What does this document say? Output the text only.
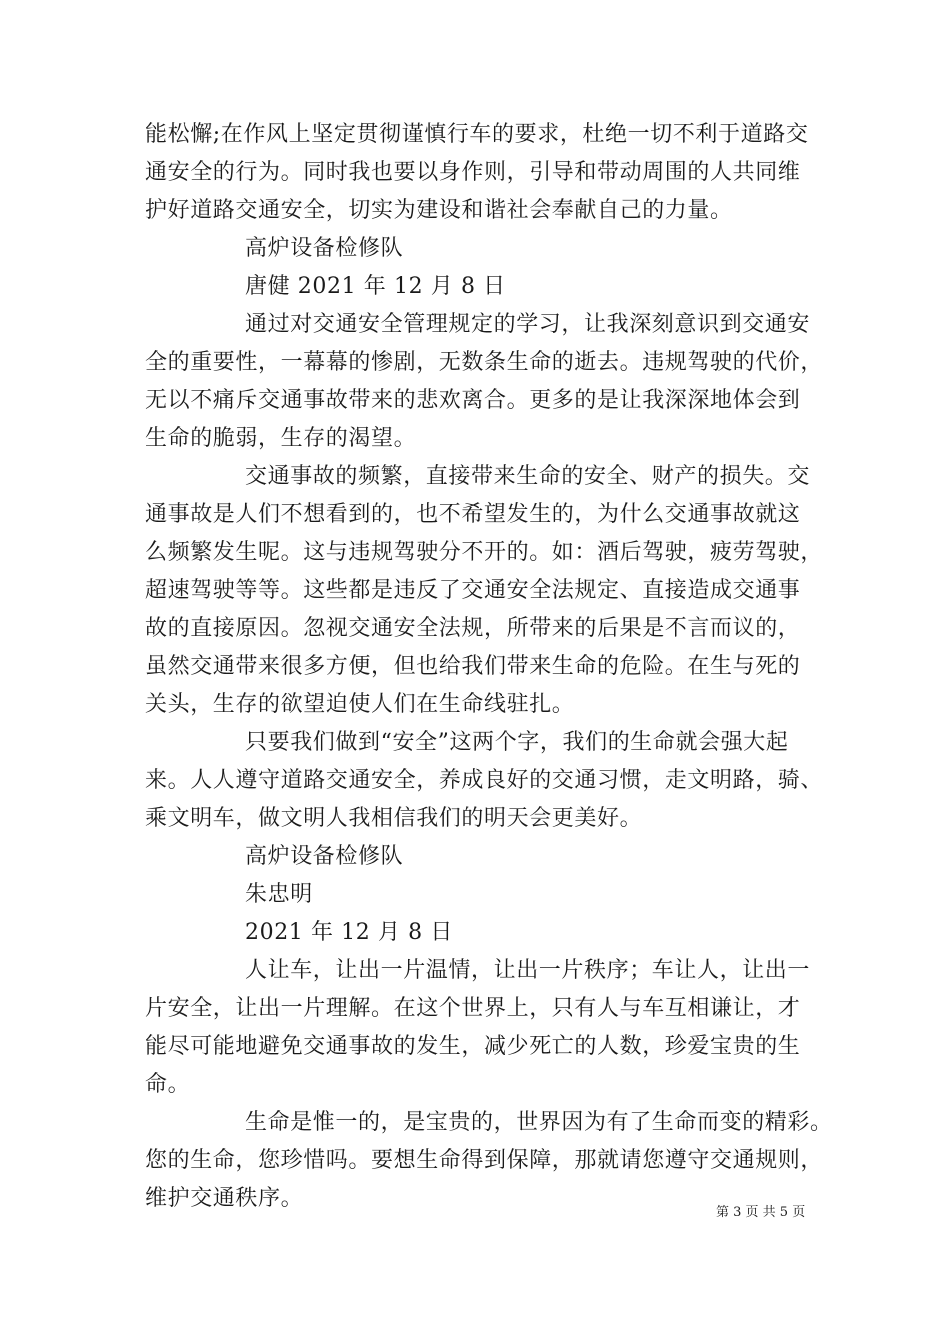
能松懈;在作风上坚定贯彻谨慎行车的要求，杜绝一切不利于道路交
通安全的行为。同时我也要以身作则，引导和带动周围的人共同维
护好道路交通安全，切实为建设和谐社会奉献自己的力量。
高炉设备检修队
唐健 2021 年 12 月 8 日
通过对交通安全管理规定的学习，让我深刻意识到交通安
全的重要性，一幕幕的惨剧，无数条生命的逝去。违规驾驶的代价，
无以不痛斥交通事故带来的悲欢离合。更多的是让我深深地体会到
生命的脆弱，生存的渴望。
交通事故的频繁，直接带来生命的安全、财产的损失。交
通事故是人们不想看到的，也不希望发生的，为什么交通事故就这
么频繁发生呢。这与违规驾驶分不开的。如：酒后驾驶，疲劳驾驶，
超速驾驶等等。这些都是违反了交通安全法规定、直接造成交通事
故的直接原因。忽视交通安全法规，所带来的后果是不言而议的，
虽然交通带来很多方便，但也给我们带来生命的危险。在生与死的
关头，生存的欲望迫使人们在生命线驻扎。
只要我们做到“安全”这两个字，我们的生命就会强大起
来。人人遵守道路交通安全，养成良好的交通习惯，走文明路，骑、
乘文明车，做文明人我相信我们的明天会更美好。
高炉设备检修队
朱忠明
2021 年 12 月 8 日
人让车，让出一片温情，让出一片秩序；车让人，让出一
片安全，让出一片理解。在这个世界上，只有人与车互相谦让，才
能尽可能地避免交通事故的发生，减少死亡的人数，珍爱宝贵的生
命。
生命是惟一的，是宝贵的，世界因为有了生命而变的精彩。
您的生命，您珍惜吗。要想生命得到保障，那就请您遵守交通规则，
维护交通秩序。
第 3 页 共 5 页
